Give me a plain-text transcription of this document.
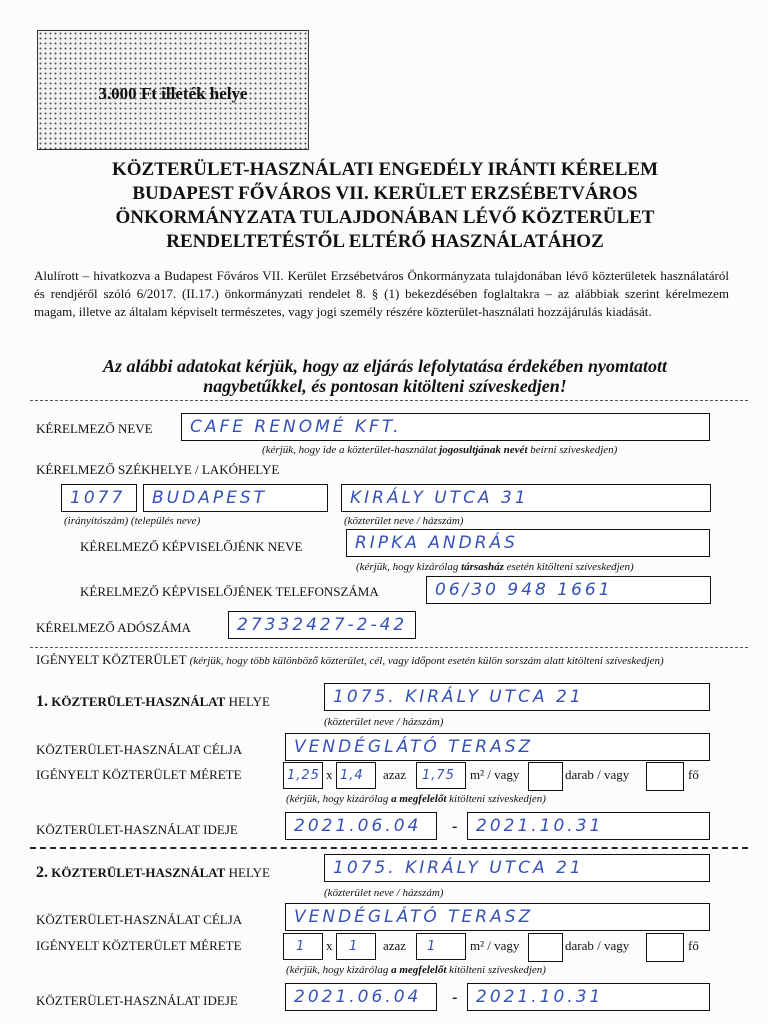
3.000 Ft illeték helye
KÖZTERÜLET-HASZNÁLATI ENGEDÉLY IRÁNTI KÉRELEM
BUDAPEST FŐVÁROS VII. KERÜLET ERZSÉBETVÁROS
ÖNKORMÁNYZATA TULAJDONÁBAN LÉVŐ KÖZTERÜLET
RENDELTETÉSTŐL ELTÉRŐ HASZNÁLATÁHOZ
Alulírott – hivatkozva a Budapest Főváros VII. Kerület Erzsébetváros Önkormányzata tulajdonában lévő közterületek használatáról és rendjéről szóló 6/2017. (II.17.) önkormányzati rendelet 8. § (1) bekezdésében foglaltakra – az alábbiak szerint kérelmezem magam, illetve az általam képviselt természetes, vagy jogi személy részére közterület-használati hozzájárulás kiadását.
Az alábbi adatokat kérjük, hogy az eljárás lefolytatása érdekében nyomtatott
nagybetűkkel, és pontosan kitölteni szíveskedjen!
KÉRELMEZŐ NEVE	CAFE RENOMÉ KFT.
(kérjük, hogy ide a közterület-használat jogosultjának nevét beírni szíveskedjen)
KÉRELMEZŐ SZÉKHELYE / LAKÓHELYE
1077	BUDAPEST	KIRÁLY UTCA 31
(irányítószám) (település neve)	(közterület neve / házszám)
KÉRELMEZŐ KÉPVISELŐJÉNK NEVE	RIPKA ANDRÁS
(kérjük, hogy kizárólag társasház esetén kitölteni szíveskedjen)
KÉRELMEZŐ KÉPVISELŐJÉNEK TELEFONSZÁMA	06/30 948 1661
KÉRELMEZŐ ADÓSZÁMA	27332427-2-42
IGÉNYELT KÖZTERÜLET (kérjük, hogy több különböző közterület, cél, vagy időpont esetén külön sorszám alatt kitölteni szíveskedjen)
1. KÖZTERÜLET-HASZNÁLAT HELYE	1075. KIRÁLY UTCA 21
(közterület neve / házszám)
KÖZTERÜLET-HASZNÁLAT CÉLJA	VENDÉGLÁTÓ TERASZ
IGÉNYELT KÖZTERÜLET MÉRETE	1,25 x 1,4	azaz	1,75	m² / vagy	darab / vagy	fő
(kérjük, hogy kizárólag a megfelelőt kitölteni szíveskedjen)
KÖZTERÜLET-HASZNÁLAT IDEJE	2021.06.04	-	2021.10.31
2. KÖZTERÜLET-HASZNÁLAT HELYE	1075. KIRÁLY UTCA 21
(közterület neve / házszám)
KÖZTERÜLET-HASZNÁLAT CÉLJA	VENDÉGLÁTÓ TERASZ
IGÉNYELT KÖZTERÜLET MÉRETE	1	x	1	azaz	1	m² / vagy	darab / vagy	fő
(kérjük, hogy kizárólag a megfelelőt kitölteni szíveskedjen)
KÖZTERÜLET-HASZNÁLAT IDEJE	2021.06.04	-	2021.10.31
